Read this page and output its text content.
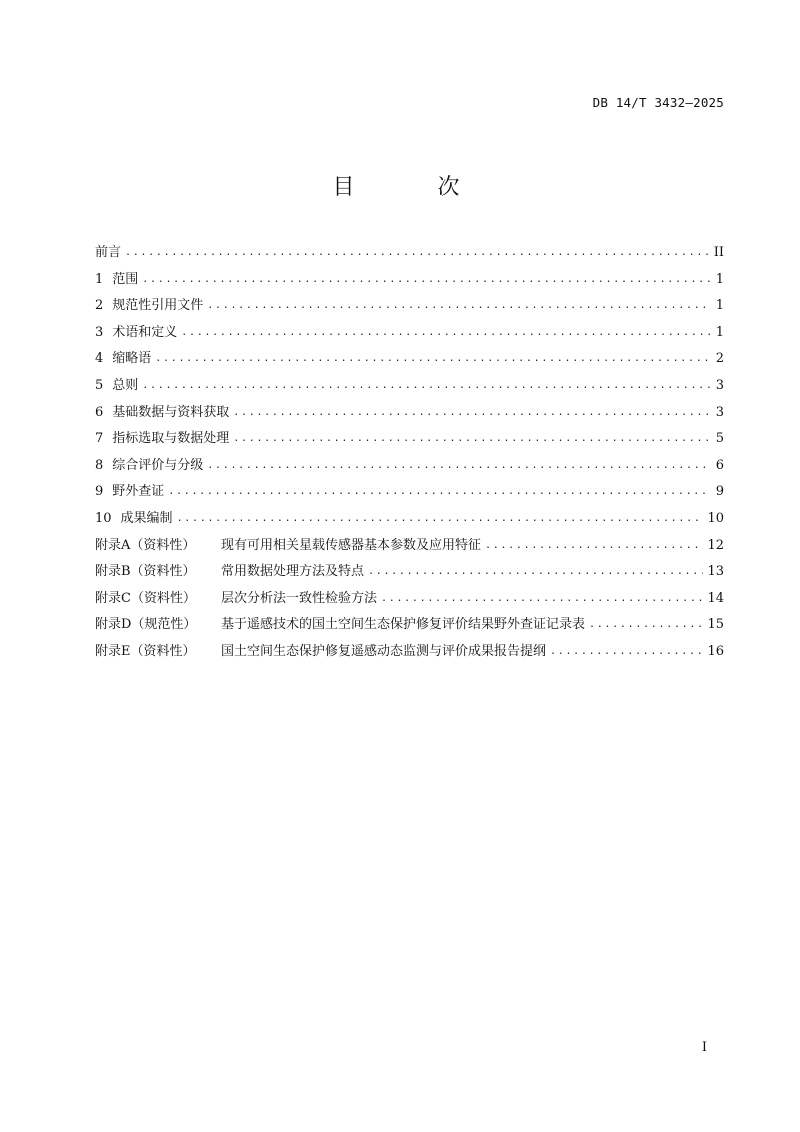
DB 14/T 3432—2025
目 次
前言 .....	II
1 范围 .....	1
2 规范性引用文件 .....	1
3 术语和定义 .....	1
4 缩略语 .....	2
5 总则 .....	3
6 基础数据与资料获取 .....	3
7 指标选取与数据处理 .....	5
8 综合评价与分级 .....	6
9 野外查证 .....	9
10 成果编制 .....	10
附录A（资料性）	现有可用相关星载传感器基本参数及应用特征 .....	12
附录B（资料性）	常用数据处理方法及特点 .....	13
附录C（资料性）	层次分析法一致性检验方法 .....	14
附录D（规范性）	基于遥感技术的国土空间生态保护修复评价结果野外查证记录表 .....	15
附录E（资料性）	国土空间生态保护修复遥感动态监测与评价成果报告提纲 .....	16
I
